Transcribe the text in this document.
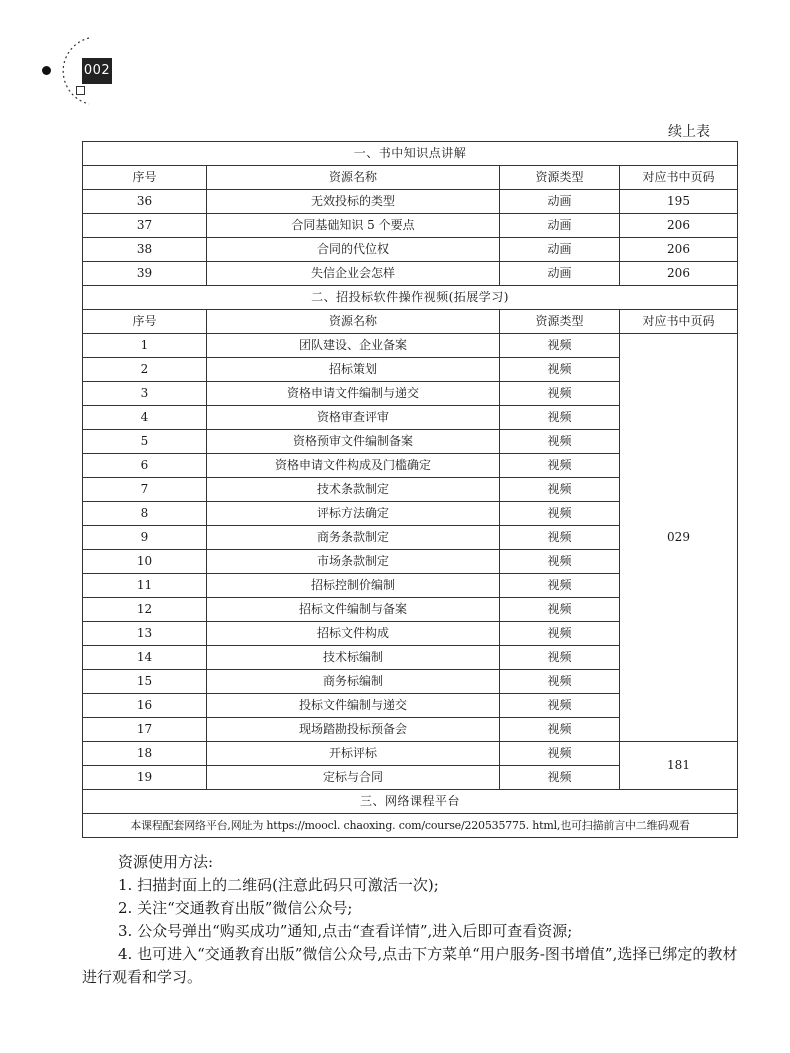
002
续上表
一、书中知识点讲解			
序号	资源名称	资源类型	对应书中页码
36	无效投标的类型	动画	195
37	合同基础知识 5 个要点	动画	206
38	合同的代位权	动画	206
39	失信企业会怎样	动画	206
二、招投标软件操作视频(拓展学习)			
序号	资源名称	资源类型	对应书中页码
1	团队建设、企业备案	视频	029
2	招标策划	视频	
3	资格申请文件编制与递交	视频	
4	资格审查评审	视频	
5	资格预审文件编制备案	视频	
6	资格申请文件构成及门槛确定	视频	
7	技术条款制定	视频	
8	评标方法确定	视频	
9	商务条款制定	视频	
10	市场条款制定	视频	
11	招标控制价编制	视频	
12	招标文件编制与备案	视频	
13	招标文件构成	视频	
14	技术标编制	视频	
15	商务标编制	视频	
16	投标文件编制与递交	视频	
17	现场踏勘投标预备会	视频	
18	开标评标	视频	181
19	定标与合同	视频	
三、网络课程平台			
本课程配套网络平台,网址为 https://moocl. chaoxing. com/course/220535775. html,也可扫描前言中二维码观看			

资源使用方法:

1. 扫描封面上的二维码(注意此码只可激活一次);

2. 关注“交通教育出版”微信公众号;

3. 公众号弹出“购买成功”通知,点击“查看详情”,进入后即可查看资源;

4. 也可进入“交通教育出版”微信公众号,点击下方菜单“用户服务-图书增值”,选择已绑定的教材进行观看和学习。
